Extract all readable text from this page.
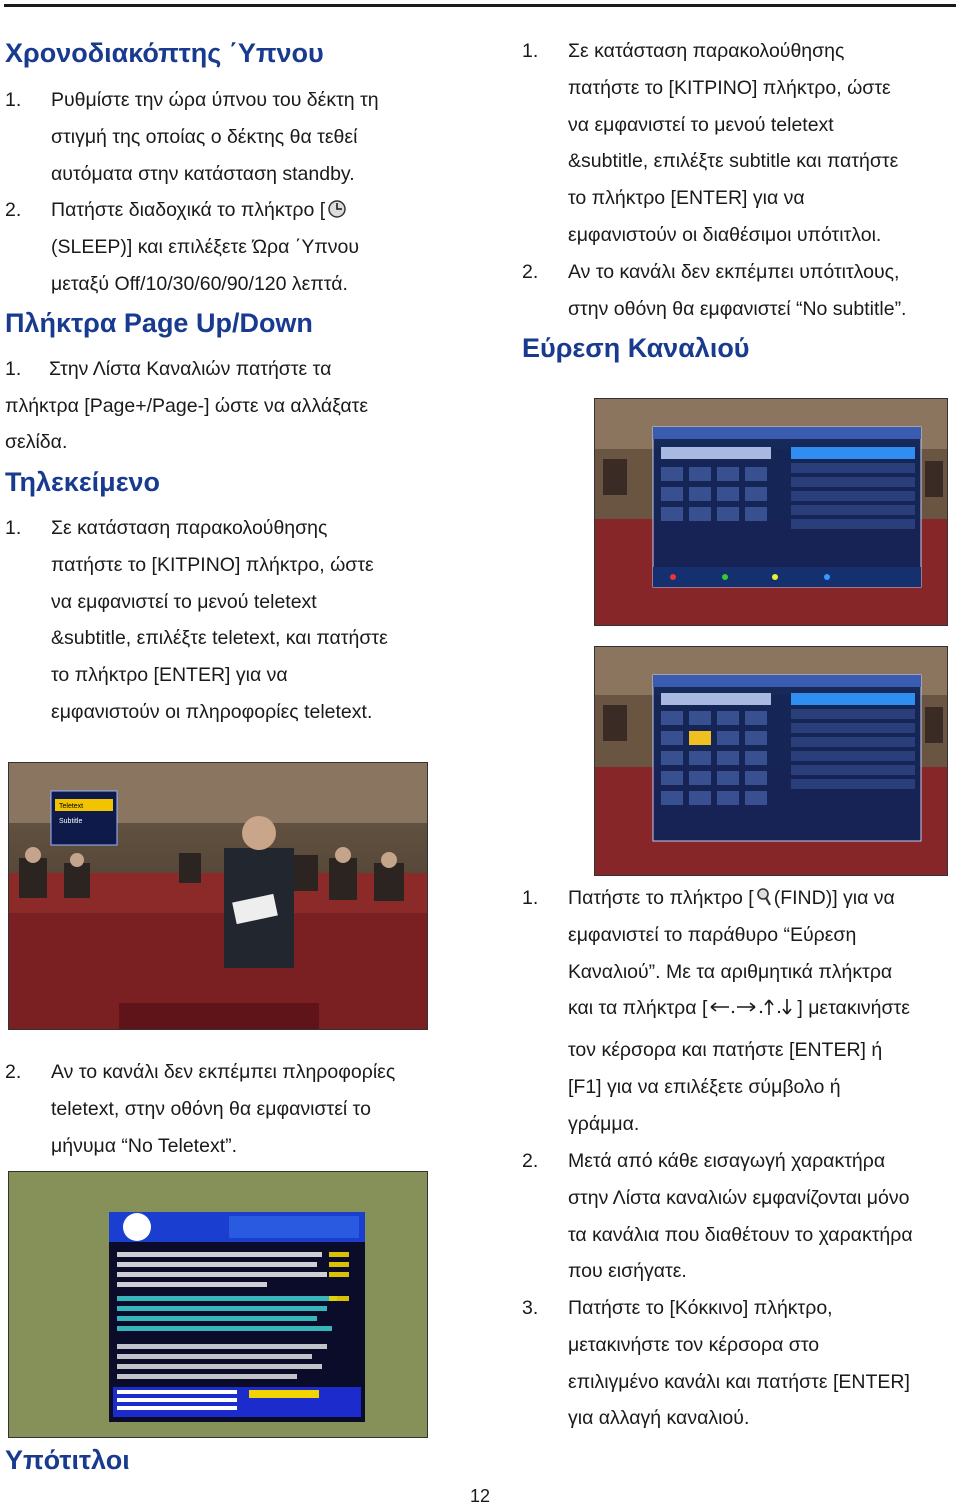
Χρονοδιακόπτης ΄Υπνου
1. Ρυθμίστε την ώρα ύπνου του δέκτη τη
στιγμή της οποίας ο δέκτης θα τεθεί
αυτόματα στην κατάσταση standby.
2. Πατήστε διαδοχικά το πλήκτρο [
(SLEEP)] και επιλέξετε Ώρα ΄Υπνου
μεταξύ Off/10/30/60/90/120 λεπτά.
Πλήκτρα Page Up/Down
1. Στην Λίστα Καναλιών πατήστε τα
πλήκτρα [Page+/Page-] ώστε να αλλάξατε
σελίδα.
Τηλεκείμενο
1. Σε κατάσταση παρακολούθησης
πατήστε το [ΚΙΤΡΙΝΟ] πλήκτρο, ώστε
να εμφανιστεί το μενού teletext
&subtitle, επιλέξτε teletext, και πατήστε
το πλήκτρο [ENTER] για να
εμφανιστούν οι πληροφορίες teletext.
Teletext
Subtitle
2. Αν το κανάλι δεν εκπέμπει πληροφορίες
teletext, στην οθόνη θα εμφανιστεί το
μήνυμα “No Teletext”.
Υπότιτλοι
1. Σε κατάσταση παρακολούθησης
πατήστε το [ΚΙΤΡΙΝΟ] πλήκτρο, ώστε
να εμφανιστεί το μενού teletext
&subtitle, επιλέξτε subtitle και πατήστε
το πλήκτρο [ENTER] για να
εμφανιστούν οι διαθέσιμοι υπότιτλοι.
2. Αν το κανάλι δεν εκπέμπει υπότιτλους,
στην οθόνη θα εμφανιστεί “No subtitle”.
Εύρεση Καναλιού
1. Πατήστε το πλήκτρο [ (FIND)] για να
εμφανιστεί το παράθυρο “Εύρεση
Καναλιού”. Με τα αριθμητικά πλήκτρα
και τα πλήκτρα [	] μετακινήστε
τον κέρσορα και πατήστε [ENTER] ή
[F1] για να επιλέξετε σύμβολο ή
γράμμα.
2. Μετά από κάθε εισαγωγή χαρακτήρα
στην Λίστα καναλιών εμφανίζονται μόνο
τα κανάλια που διαθέτουν το χαρακτήρα
που εισήγατε.
3. Πατήστε το [Κόκκινο] πλήκτρο,
μετακινήστε τον κέρσορα στο
επιλιγμένο κανάλι και πατήστε [ENTER]
για αλλαγή καναλιού.
12
